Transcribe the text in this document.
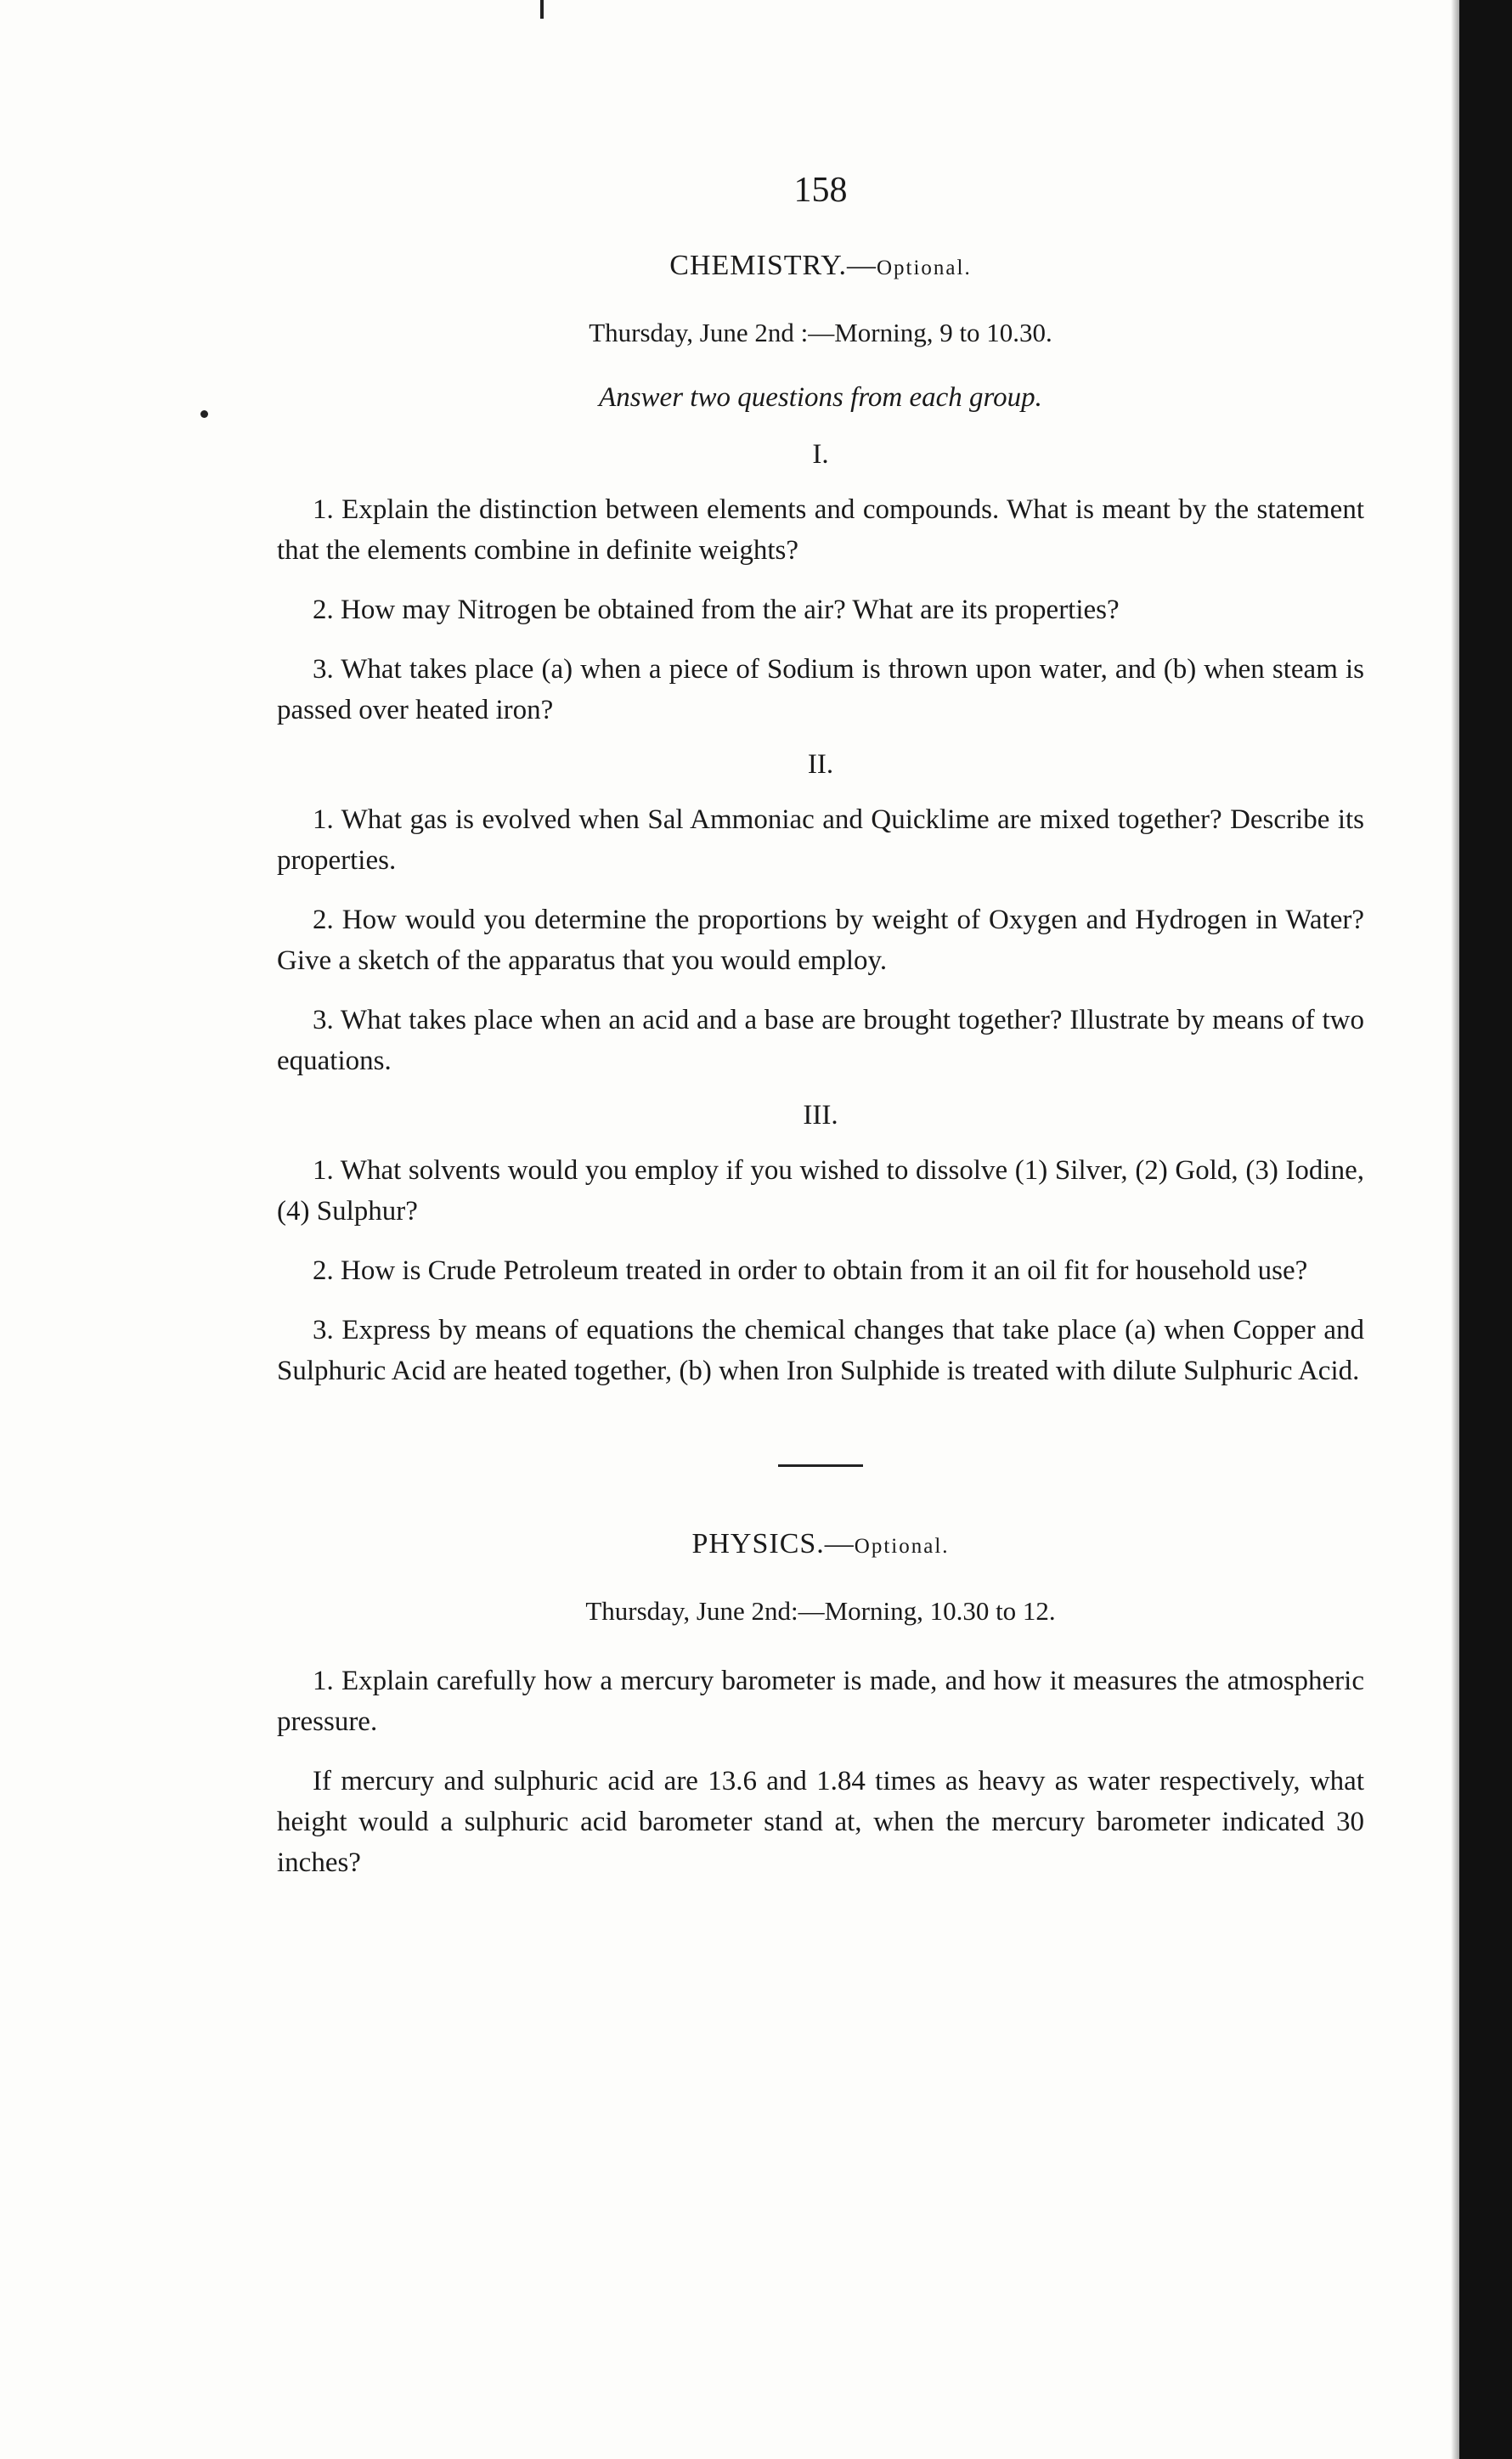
158
CHEMISTRY.—Optional.
Thursday, June 2nd :—Morning, 9 to 10.30.
Answer two questions from each group.
I.

1. Explain the distinction between elements and compounds. What is meant by the statement that the elements combine in definite weights?

2. How may Nitrogen be obtained from the air? What are its properties?

3. What takes place (a) when a piece of Sodium is thrown upon water, and (b) when steam is passed over heated iron?

II.

1. What gas is evolved when Sal Ammoniac and Quicklime are mixed together? Describe its properties.

2. How would you determine the proportions by weight of Oxygen and Hydrogen in Water? Give a sketch of the apparatus that you would employ.

3. What takes place when an acid and a base are brought together? Illustrate by means of two equations.

III.

1. What solvents would you employ if you wished to dissolve (1) Silver, (2) Gold, (3) Iodine, (4) Sulphur?

2. How is Crude Petroleum treated in order to obtain from it an oil fit for household use?

3. Express by means of equations the chemical changes that take place (a) when Copper and Sulphuric Acid are heated together, (b) when Iron Sulphide is treated with dilute Sulphuric Acid.

PHYSICS.—Optional.
Thursday, June 2nd:—Morning, 10.30 to 12.

1. Explain carefully how a mercury barometer is made, and how it measures the atmospheric pressure.

If mercury and sulphuric acid are 13.6 and 1.84 times as heavy as water respectively, what height would a sulphuric acid barometer stand at, when the mercury barometer indicated 30 inches?
